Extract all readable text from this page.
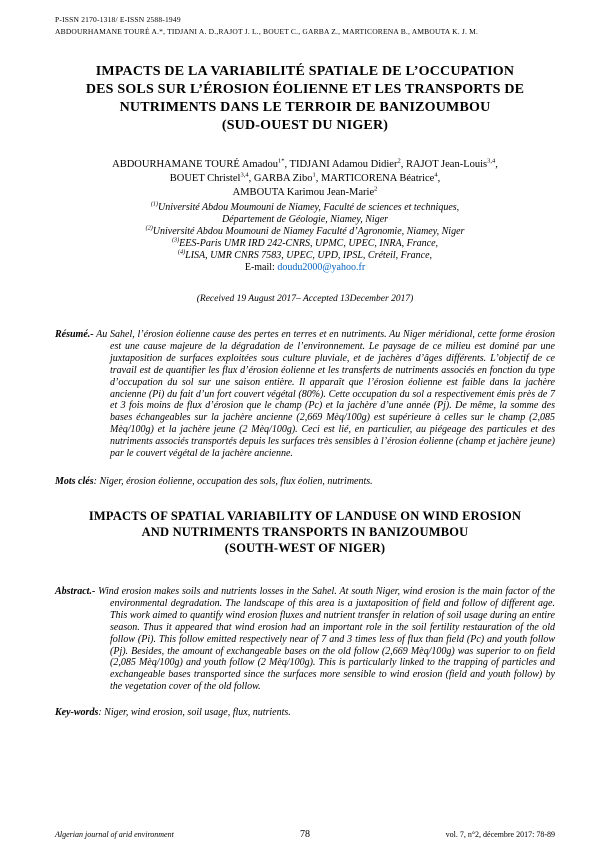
P-ISSN 2170-1318/ E-ISSN 2588-1949
ABDOURHAMANE TOURÉ A.*, TIDJANI A. D.,RAJOT J. L., BOUET C., GARBA Z., MARTICORENA B., AMBOUTA K. J. M.
IMPACTS DE LA VARIABILITÉ SPATIALE DE L’OCCUPATION
DES SOLS SUR L’ÉROSION ÉOLIENNE ET LES TRANSPORTS DE
NUTRIMENTS DANS LE TERROIR DE BANIZOUMBOU
(SUD-OUEST DU NIGER)
ABDOURHAMANE TOURÉ Amadou$^{1*}$, TIDJANI Adamou Didier$^2$, RAJOT Jean-Louis$^{3,4}$,
BOUET Christel$^{3,4}$, GARBA Zibo$^1$, MARTICORENA Béatrice$^4$,
AMBOUTA Karimou Jean-Marie$^2$
$^{(1)}$Université Abdou Moumouni de Niamey, Faculté de sciences et techniques,
Département de Géologie, Niamey, Niger
$^{(2)}$Université Abdou Moumouni de Niamey Faculté d’Agronomie, Niamey, Niger
$^{(3)}$EES-Paris UMR IRD 242-CNRS, UPMC, UPEC, INRA, France,
$^{(4)}$LISA, UMR CNRS 7583, UPEC, UPD, IPSL, Créteil, France,
E-mail: doudu2000@yahoo.fr
(Received 19 August 2017– Accepted 13December 2017)
Résumé.- Au Sahel, l’érosion éolienne cause des pertes en terres et en nutriments. Au Niger méridional, cette forme érosion est une cause majeure de la dégradation de l’environnement. Le paysage de ce milieu est dominé par une juxtaposition de surfaces exploitées sous culture pluviale, et de jachères d’âges différents. L’objectif de ce travail est de quantifier les flux d’érosion éolienne et les transferts de nutriments associés en fonction du type d’occupation du sol sur une saison entière. Il apparaît que l’érosion éolienne est faible dans la jachère ancienne (Pi) du fait d’un fort couvert végétal (80%). Cette occupation du sol a respectivement émis près de 7 et 3 fois moins de flux d’érosion que le champ (Pc) et la jachère d’une année (Pj). De même, la somme des bases échangeables sur la jachère ancienne (2,669 Mèq/100g) est supérieure à celles sur le champ (2,085 Mèq/100g) et la jachère jeune (2 Mèq/100g). Ceci est lié, en particulier, au piégeage des particules et des nutriments associés transportés depuis les surfaces très sensibles à l’érosion éolienne (champ et jachère jeune) par le couvert végétal de la jachère ancienne.
Mots clés: Niger, érosion éolienne, occupation des sols, flux éolien, nutriments.
IMPACTS OF SPATIAL VARIABILITY OF LANDUSE ON WIND EROSION
AND NUTRIMENTS TRANSPORTS IN BANIZOUMBOU
(SOUTH-WEST OF NIGER)
Abstract.- Wind erosion makes soils and nutrients losses in the Sahel. At south Niger, wind erosion is the main factor of the environmental degradation. The landscape of this area is a juxtaposition of field and follow of different age. This work aimed to quantify wind erosion fluxes and nutrient transfer in relation of soil usage during an entire season. Thus it appeared that wind erosion had an important role in the soil fertility restauration of the old follow (Pi). This follow emitted respectively near of 7 and 3 times less of flux than field (Pc) and youth follow (Pj). Besides, the amount of exchangeable bases on the old follow (2,669 Mèq/100g) was superior to on field (2,085 Mèq/100g) and youth follow (2 Mèq/100g). This is particularly linked to the trapping of particles and exchangeable bases transported since the surfaces more sensible to wind erosion (field and youth follow) by the vegetation cover of the old follow.
Key-words: Niger, wind erosion, soil usage, flux, nutrients.
Algerian journal of arid environment	78	vol. 7, n°2, décembre 2017: 78-89
